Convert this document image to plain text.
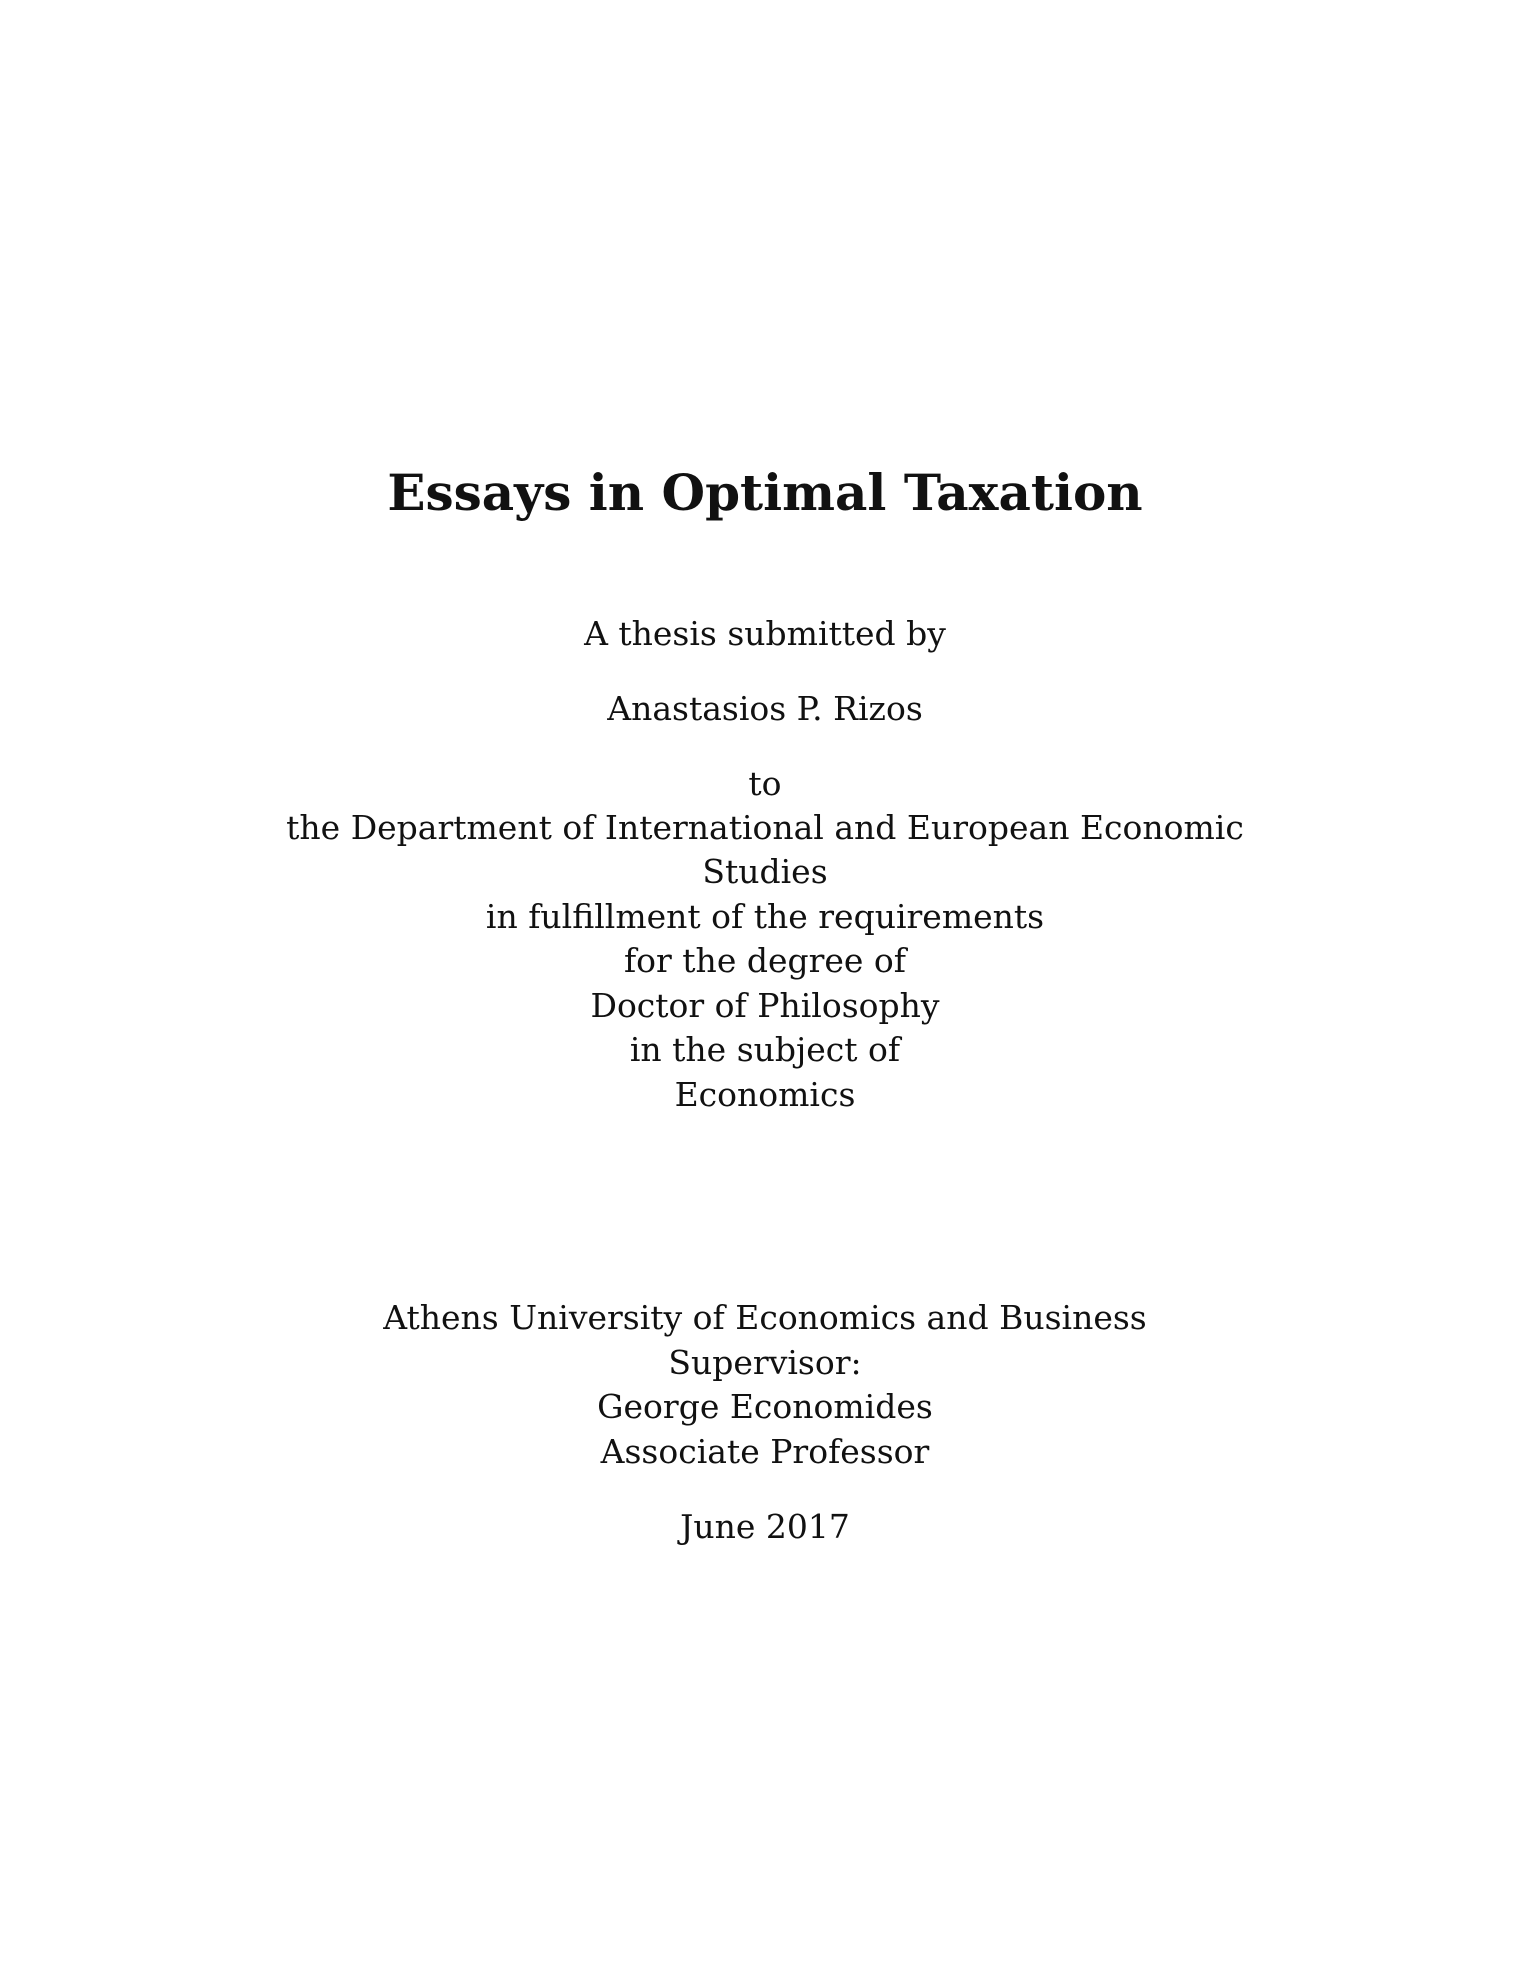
Essays in Optimal Taxation
A thesis submitted by
Anastasios P. Rizos
to
the Department of International and European Economic
Studies
in fulfillment of the requirements
for the degree of
Doctor of Philosophy
in the subject of
Economics
Athens University of Economics and Business
Supervisor:
George Economides
Associate Professor
June 2017
